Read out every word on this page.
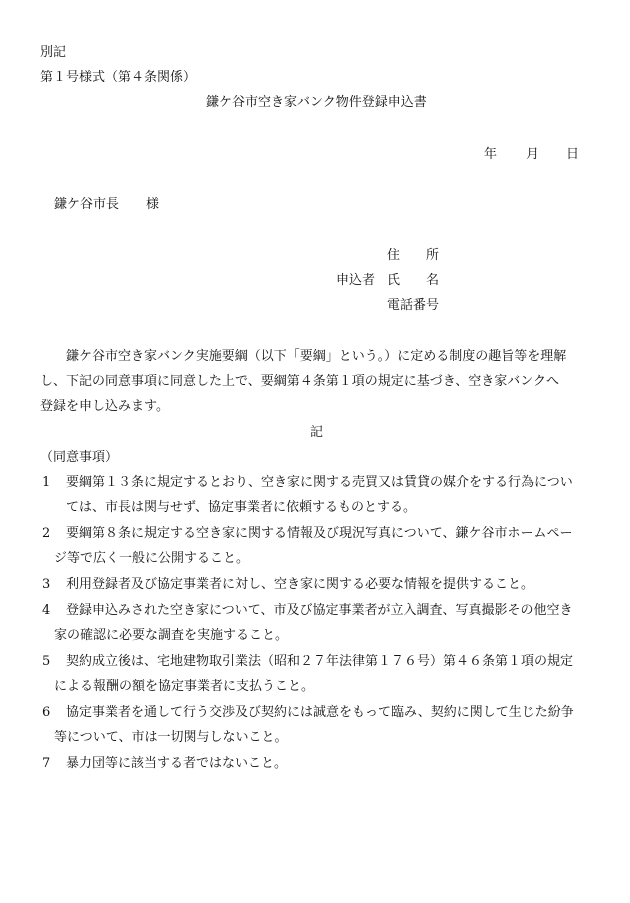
別記
第１号様式（第４条関係）
鎌ケ谷市空き家バンク物件登録申込書
年 月 日
鎌ケ谷市長 様
住　　所
申込者 氏　　名
電話番号
鎌ケ谷市空き家バンク実施要綱（以下「要綱」という。）に定める制度の趣旨等を理解
し、下記の同意事項に同意した上で、要綱第４条第１項の規定に基づき、空き家バンクへ
登録を申し込みます。
記
（同意事項）
1 要綱第１３条に規定するとおり、空き家に関する売買又は賃貸の媒介をする行為につい
ては、市長は関与せず、協定事業者に依頼するものとする。
2 要綱第８条に規定する空き家に関する情報及び現況写真について、鎌ケ谷市ホームペー
ジ等で広く一般に公開すること。
3 利用登録者及び協定事業者に対し、空き家に関する必要な情報を提供すること。
4 登録申込みされた空き家について、市及び協定事業者が立入調査、写真撮影その他空き
家の確認に必要な調査を実施すること。
5 契約成立後は、宅地建物取引業法（昭和２７年法律第１７６号）第４６条第１項の規定
による報酬の額を協定事業者に支払うこと。
6 協定事業者を通して行う交渉及び契約には誠意をもって臨み、契約に関して生じた紛争
等について、市は一切関与しないこと。
7 暴力団等に該当する者ではないこと。
